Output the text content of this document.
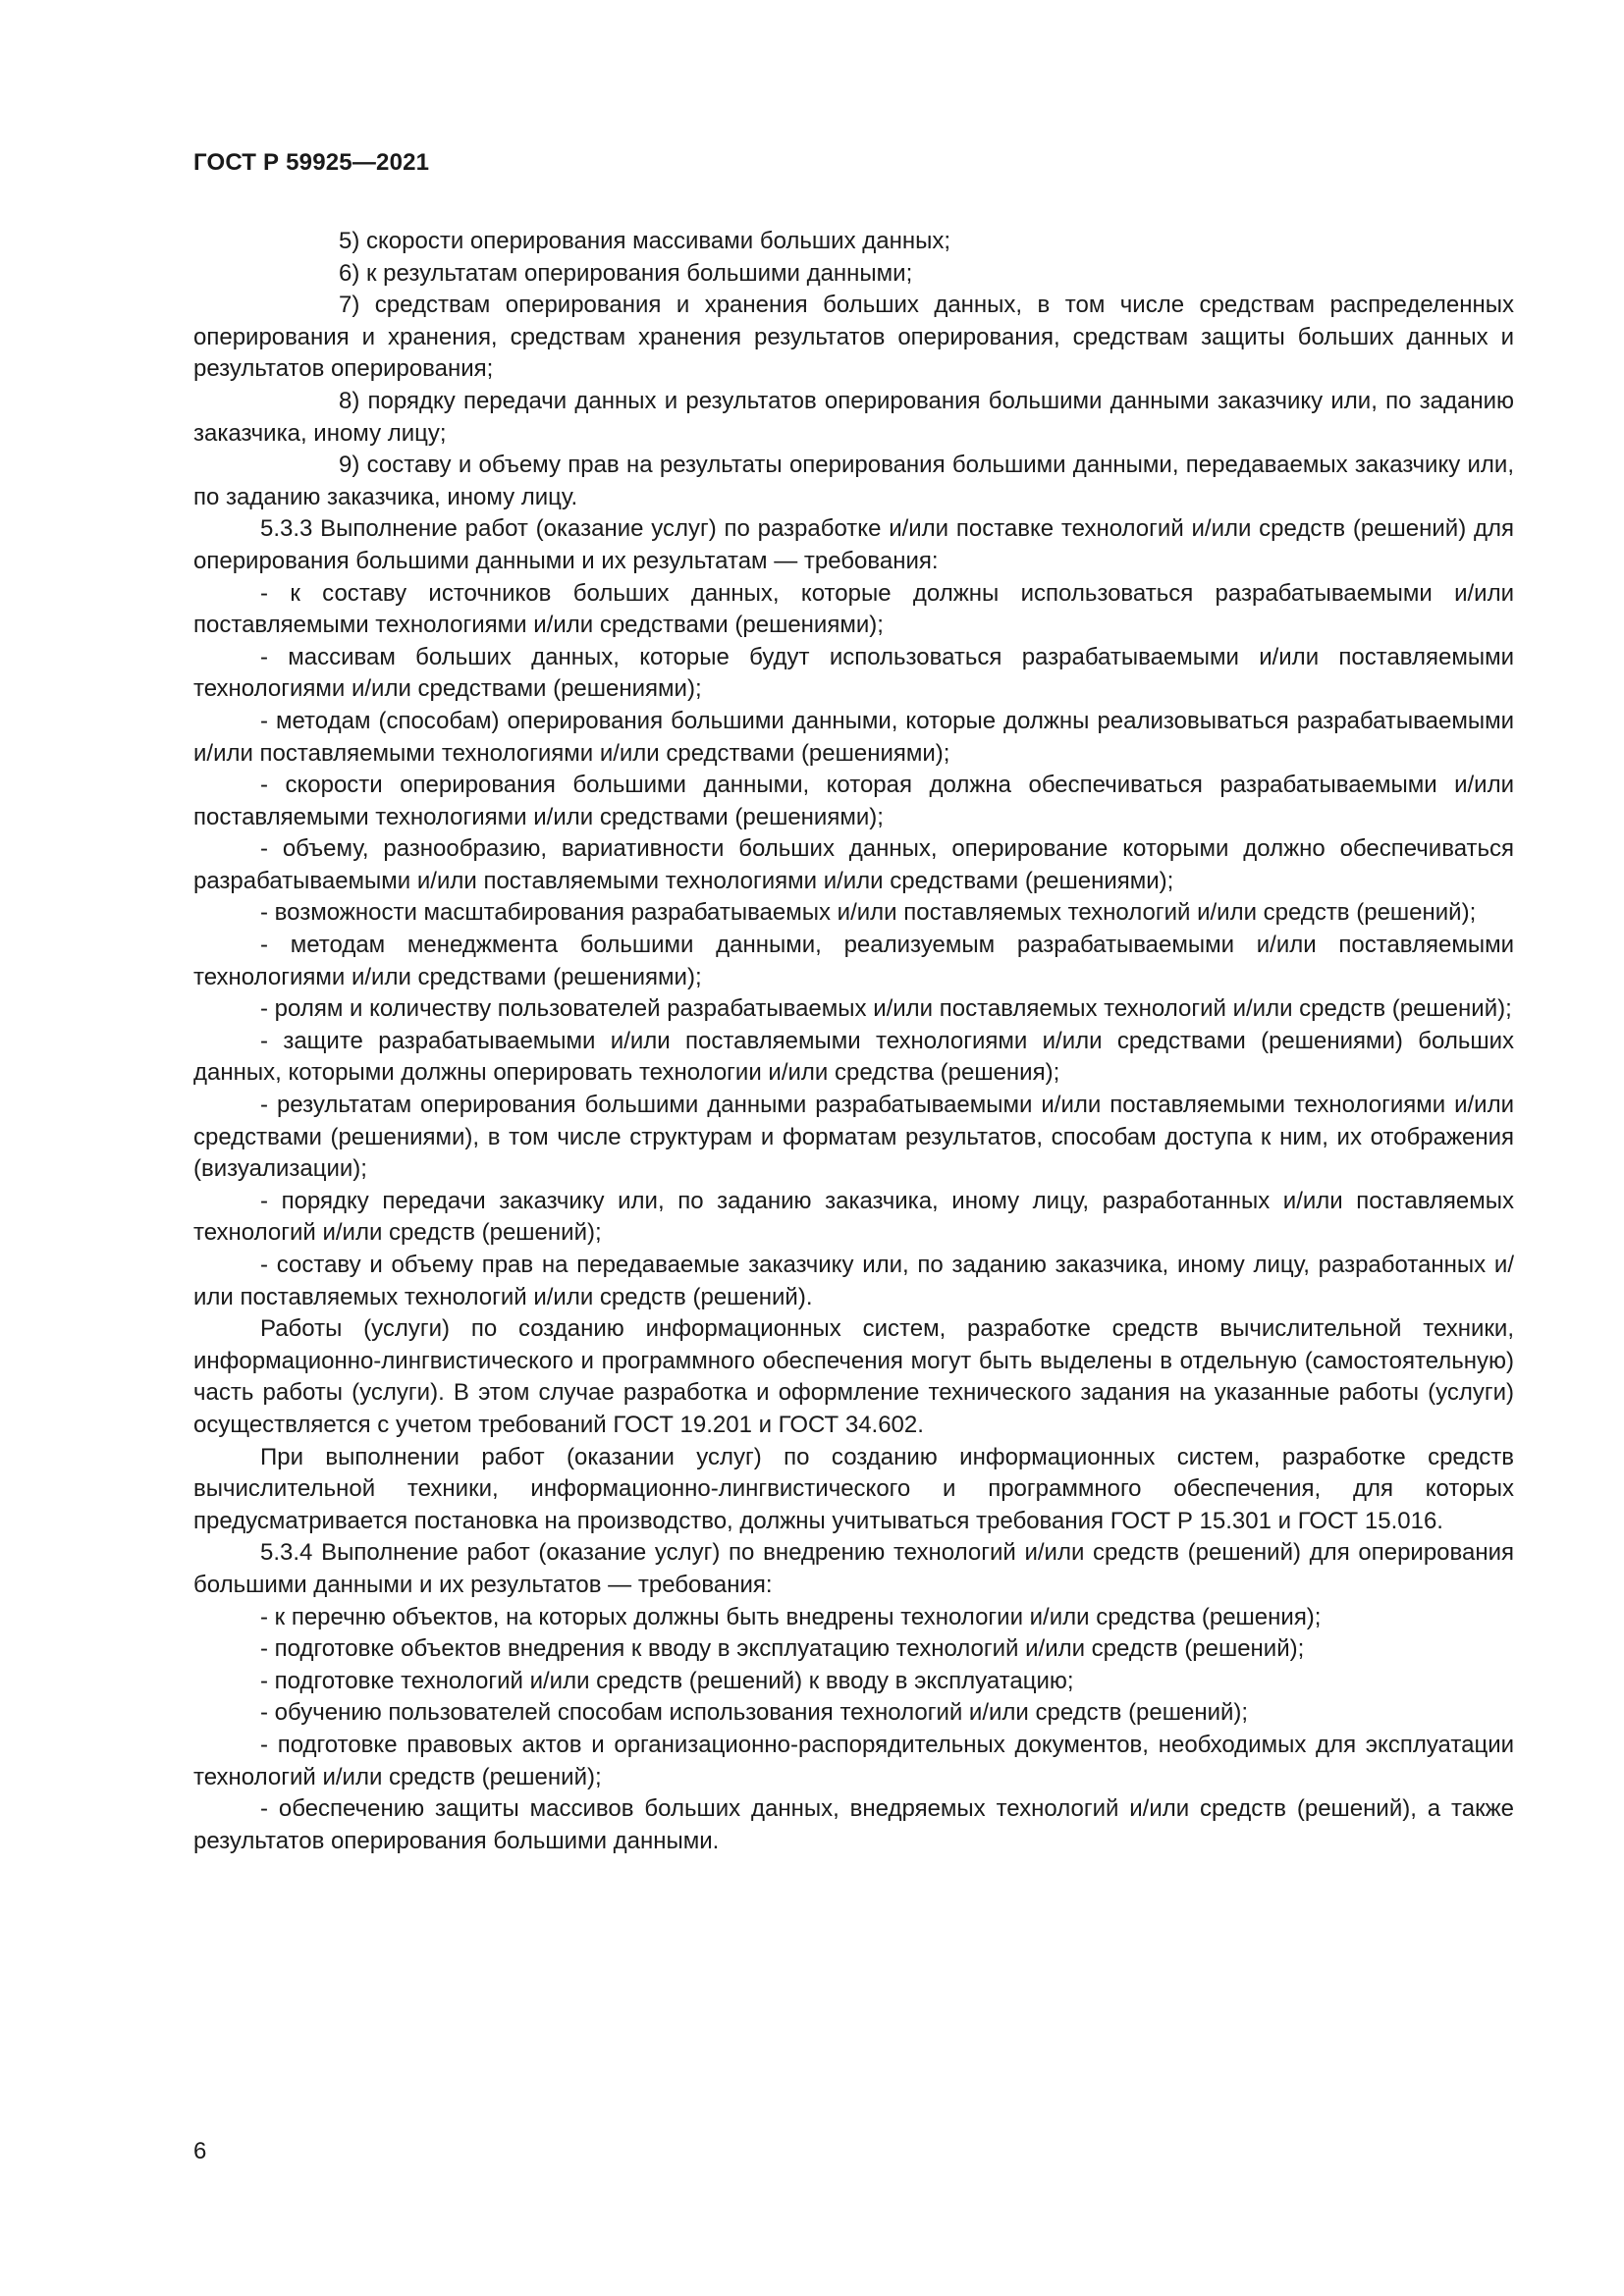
ГОСТ Р 59925—2021

5) скорости оперирования массивами больших данных;

6) к результатам оперирования большими данными;

7) средствам оперирования и хранения больших данных, в том числе средствам распределенных оперирования и хранения, средствам хранения результатов оперирования, средствам защиты больших данных и результатов оперирования;

8) порядку передачи данных и результатов оперирования большими данными заказчику или, по заданию заказчика, иному лицу;

9) составу и объему прав на результаты оперирования большими данными, передаваемых заказчику или, по заданию заказчика, иному лицу.

5.3.3 Выполнение работ (оказание услуг) по разработке и/или поставке технологий и/или средств (решений) для оперирования большими данными и их результатам — требования:

- к составу источников больших данных, которые должны использоваться разрабатываемыми и/или поставляемыми технологиями и/или средствами (решениями);

- массивам больших данных, которые будут использоваться разрабатываемыми и/или поставляемыми технологиями и/или средствами (решениями);

- методам (способам) оперирования большими данными, которые должны реализовываться разрабатываемыми и/или поставляемыми технологиями и/или средствами (решениями);

- скорости оперирования большими данными, которая должна обеспечиваться разрабатываемыми и/или поставляемыми технологиями и/или средствами (решениями);

- объему, разнообразию, вариативности больших данных, оперирование которыми должно обеспечиваться разрабатываемыми и/или поставляемыми технологиями и/или средствами (решениями);

- возможности масштабирования разрабатываемых и/или поставляемых технологий и/или средств (решений);

- методам менеджмента большими данными, реализуемым разрабатываемыми и/или поставляемыми технологиями и/или средствами (решениями);

- ролям и количеству пользователей разрабатываемых и/или поставляемых технологий и/или средств (решений);

- защите разрабатываемыми и/или поставляемыми технологиями и/или средствами (решениями) больших данных, которыми должны оперировать технологии и/или средства (решения);

- результатам оперирования большими данными разрабатываемыми и/или поставляемыми технологиями и/или средствами (решениями), в том числе структурам и форматам результатов, способам доступа к ним, их отображения (визуализации);

- порядку передачи заказчику или, по заданию заказчика, иному лицу, разработанных и/или поставляемых технологий и/или средств (решений);

- составу и объему прав на передаваемые заказчику или, по заданию заказчика, иному лицу, разработанных и/или поставляемых технологий и/или средств (решений).

Работы (услуги) по созданию информационных систем, разработке средств вычислительной техники, информационно-лингвистического и программного обеспечения могут быть выделены в отдельную (самостоятельную) часть работы (услуги). В этом случае разработка и оформление технического задания на указанные работы (услуги) осуществляется с учетом требований ГОСТ 19.201 и ГОСТ 34.602.

При выполнении работ (оказании услуг) по созданию информационных систем, разработке средств вычислительной техники, информационно-лингвистического и программного обеспечения, для которых предусматривается постановка на производство, должны учитываться требования ГОСТ Р 15.301 и ГОСТ 15.016.

5.3.4 Выполнение работ (оказание услуг) по внедрению технологий и/или средств (решений) для оперирования большими данными и их результатов — требования:

- к перечню объектов, на которых должны быть внедрены технологии и/или средства (решения);

- подготовке объектов внедрения к вводу в эксплуатацию технологий и/или средств (решений);

- подготовке технологий и/или средств (решений) к вводу в эксплуатацию;

- обучению пользователей способам использования технологий и/или средств (решений);

- подготовке правовых актов и организационно-распорядительных документов, необходимых для эксплуатации технологий и/или средств (решений);

- обеспечению защиты массивов больших данных, внедряемых технологий и/или средств (решений), а также результатов оперирования большими данными.

6
